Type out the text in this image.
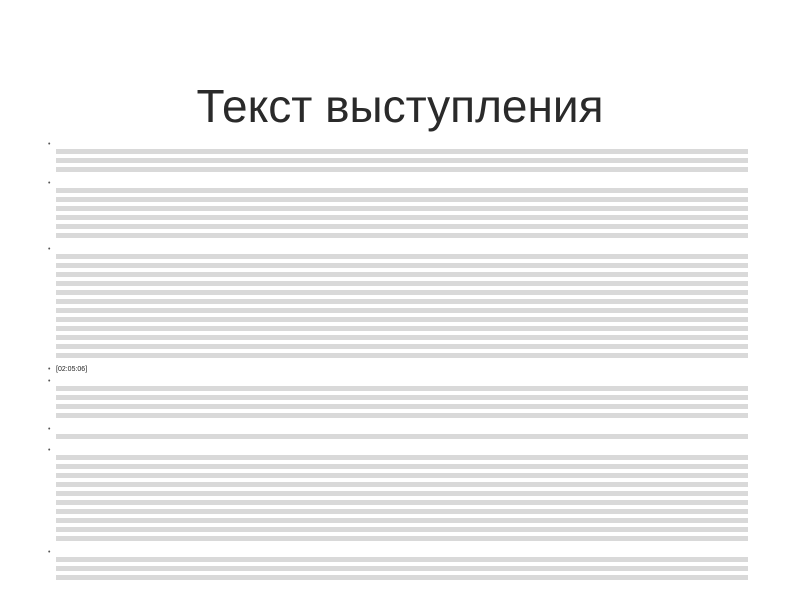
Текст выступления
•
•
•
• [02:05:06]
•
•
•
•
